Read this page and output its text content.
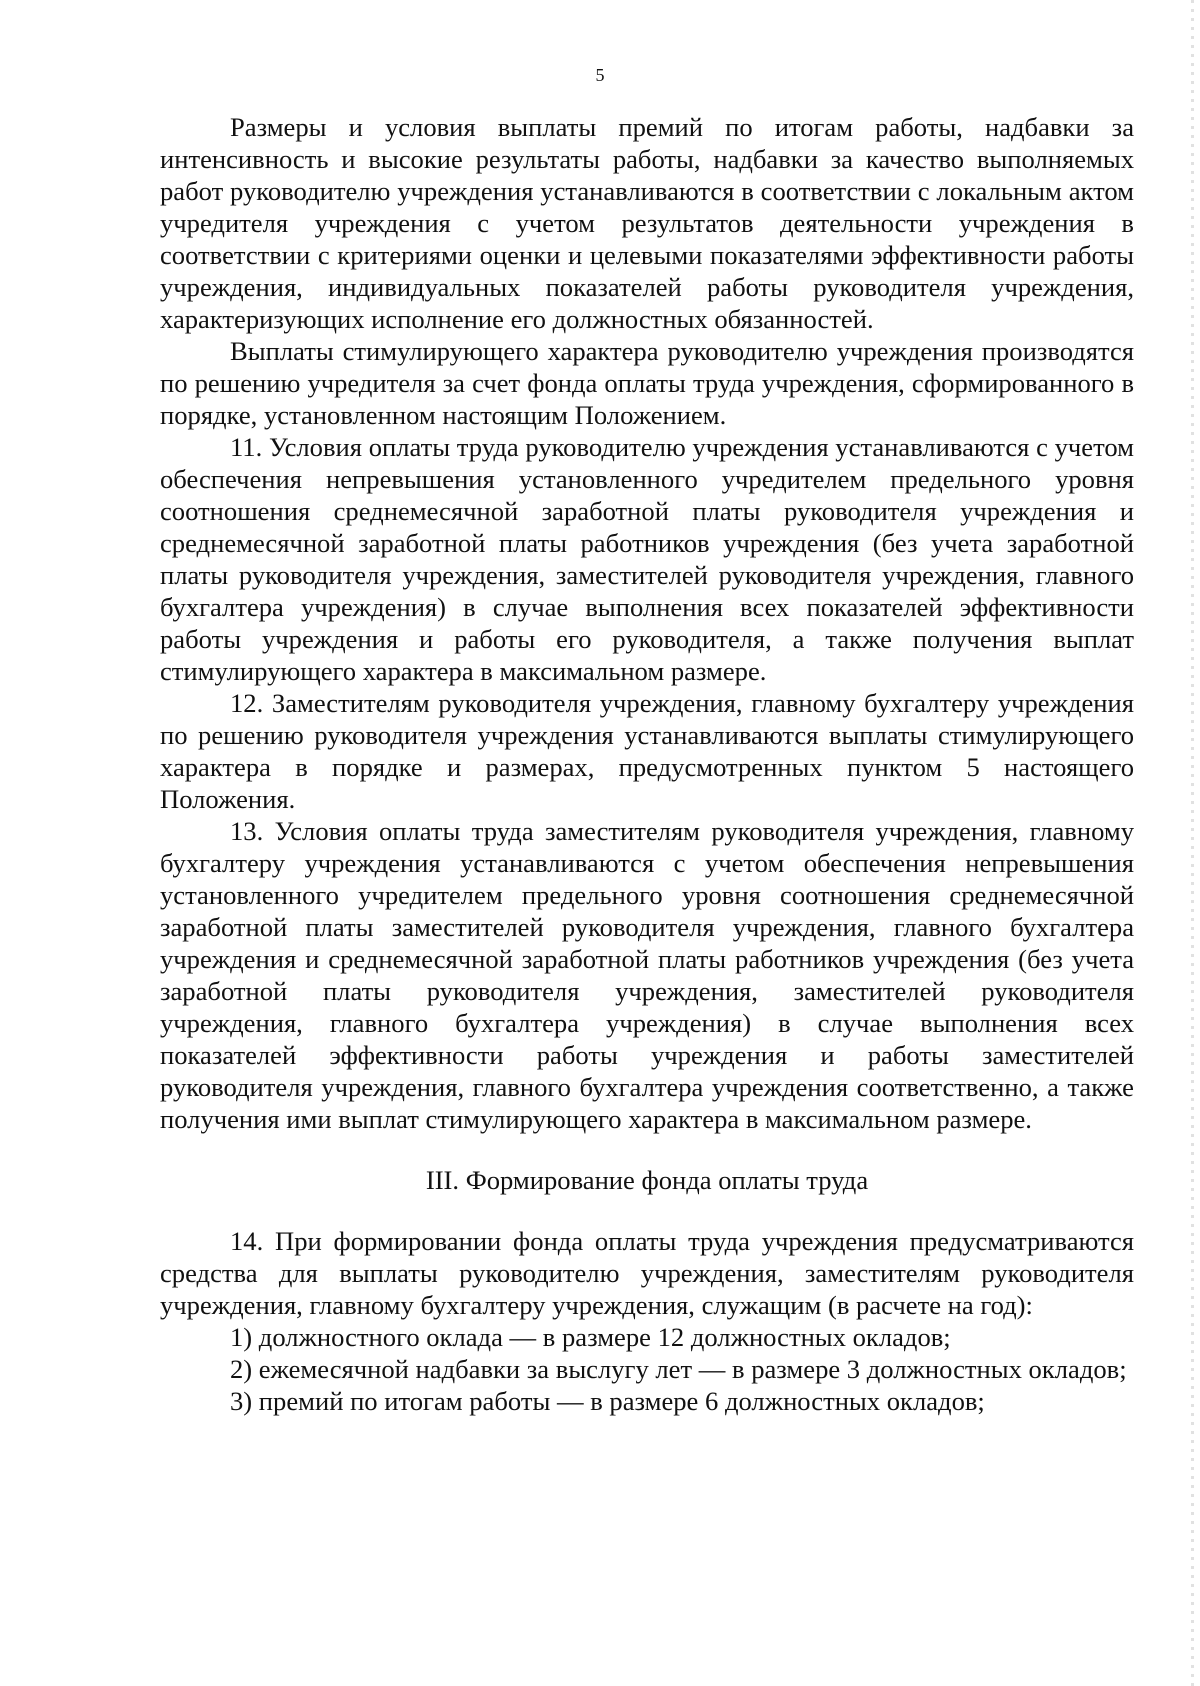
5

Размеры и условия выплаты премий по итогам работы, надбавки за интенсивность и высокие результаты работы, надбавки за качество выполняемых работ руководителю учреждения устанавливаются в соответствии с локальным актом учредителя учреждения с учетом результатов деятельности учреждения в соответствии с критериями оценки и целевыми показателями эффективности работы учреждения, индивидуальных показателей работы руководителя учреждения, характеризующих исполнение его должностных обязанностей.

Выплаты стимулирующего характера руководителю учреждения производятся по решению учредителя за счет фонда оплаты труда учреждения, сформированного в порядке, установленном настоящим Положением.

11. Условия оплаты труда руководителю учреждения устанавливаются с учетом обеспечения непревышения установленного учредителем предельного уровня соотношения среднемесячной заработной платы руководителя учреждения и среднемесячной заработной платы работников учреждения (без учета заработной платы руководителя учреждения, заместителей руководителя учреждения, главного бухгалтера учреждения) в случае выполнения всех показателей эффективности работы учреждения и работы его руководителя, а также получения выплат стимулирующего характера в максимальном размере.

12. Заместителям руководителя учреждения, главному бухгалтеру учреждения по решению руководителя учреждения устанавливаются выплаты стимулирующего характера в порядке и размерах, предусмотренных пунктом 5 настоящего Положения.

13. Условия оплаты труда заместителям руководителя учреждения, главному бухгалтеру учреждения устанавливаются с учетом обеспечения непревышения установленного учредителем предельного уровня соотношения среднемесячной заработной платы заместителей руководителя учреждения, главного бухгалтера учреждения и среднемесячной заработной платы работников учреждения (без учета заработной платы руководителя учреждения, заместителей руководителя учреждения, главного бухгалтера учреждения) в случае выполнения всех показателей эффективности работы учреждения и работы заместителей руководителя учреждения, главного бухгалтера учреждения соответственно, а также получения ими выплат стимулирующего характера в максимальном размере.

III. Формирование фонда оплаты труда

14. При формировании фонда оплаты труда учреждения предусматриваются средства для выплаты руководителю учреждения, заместителям руководителя учреждения, главному бухгалтеру учреждения, служащим (в расчете на год):

1) должностного оклада — в размере 12 должностных окладов;

2) ежемесячной надбавки за выслугу лет — в размере 3 должностных окладов;

3) премий по итогам работы — в размере 6 должностных окладов;
